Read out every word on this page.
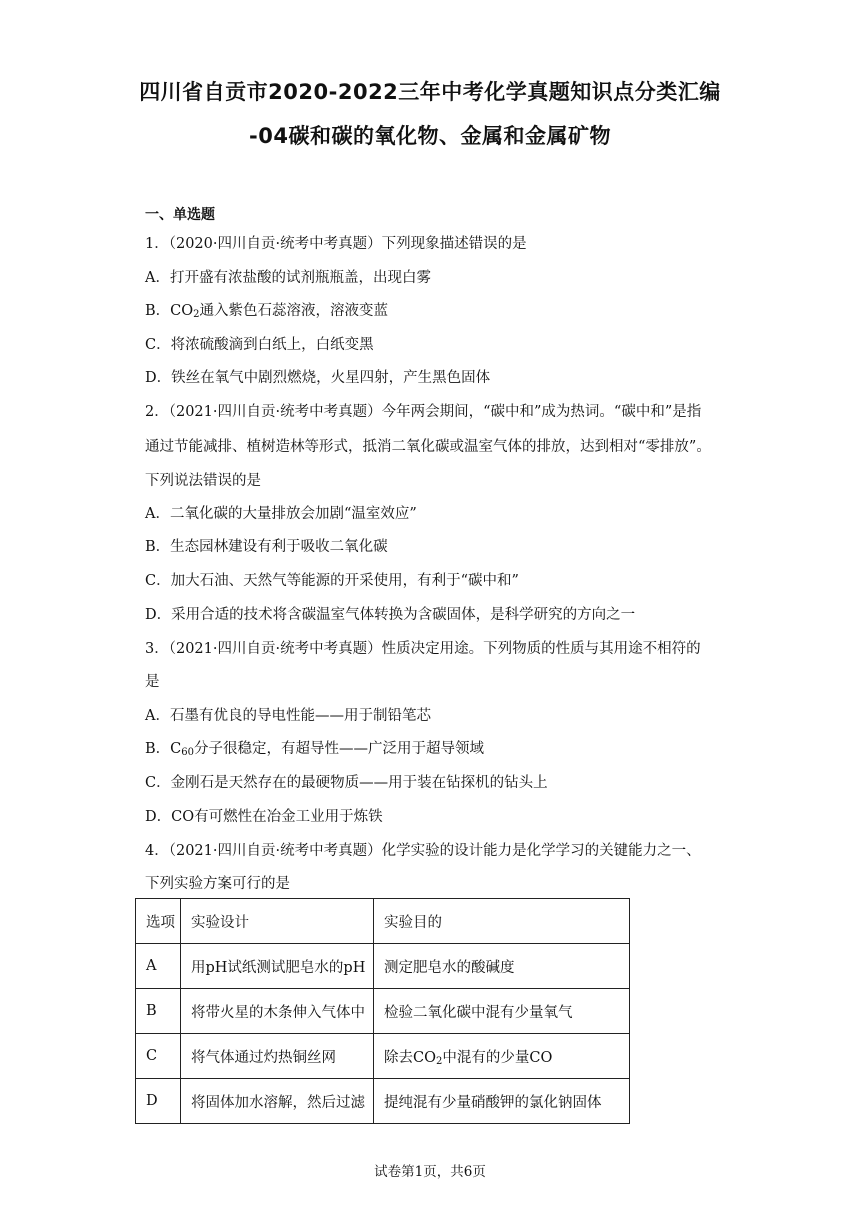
四川省自贡市2020-2022三年中考化学真题知识点分类汇编
-04碳和碳的氧化物、金属和金属矿物
一、单选题
1．（2020·四川自贡·统考中考真题）下列现象描述错误的是
A．打开盛有浓盐酸的试剂瓶瓶盖，出现白雾
B．$CO_2$通入紫色石蕊溶液，溶液变蓝
C．将浓硫酸滴到白纸上，白纸变黑
D．铁丝在氧气中剧烈燃烧，火星四射，产生黑色固体
2．（2021·四川自贡·统考中考真题）今年两会期间，“碳中和”成为热词。“碳中和”是指
通过节能减排、植树造林等形式，抵消二氧化碳或温室气体的排放，达到相对“零排放”。
下列说法错误的是
A．二氧化碳的大量排放会加剧“温室效应”
B．生态园林建设有利于吸收二氧化碳
C．加大石油、天然气等能源的开采使用，有利于“碳中和”
D．采用合适的技术将含碳温室气体转换为含碳固体，是科学研究的方向之一
3．（2021·四川自贡·统考中考真题）性质决定用途。下列物质的性质与其用途不相符的
是
A．石墨有优良的导电性能——用于制铅笔芯
B．$C_{60}$分子很稳定，有超导性——广泛用于超导领域
C．金刚石是天然存在的最硬物质——用于装在钻探机的钻头上
D．CO有可燃性在冶金工业用于炼铁
4．（2021·四川自贡·统考中考真题）化学实验的设计能力是化学学习的关键能力之一、
下列实验方案可行的是
选项	实验设计	实验目的
A	用pH试纸测试肥皂水的pH	测定肥皂水的酸碱度
B	将带火星的木条伸入气体中	检验二氧化碳中混有少量氧气
C	将气体通过灼热铜丝网	除去$CO_2$中混有的少量CO
D	将固体加水溶解，然后过滤	提纯混有少量硝酸钾的氯化钠固体
试卷第1页，共6页
